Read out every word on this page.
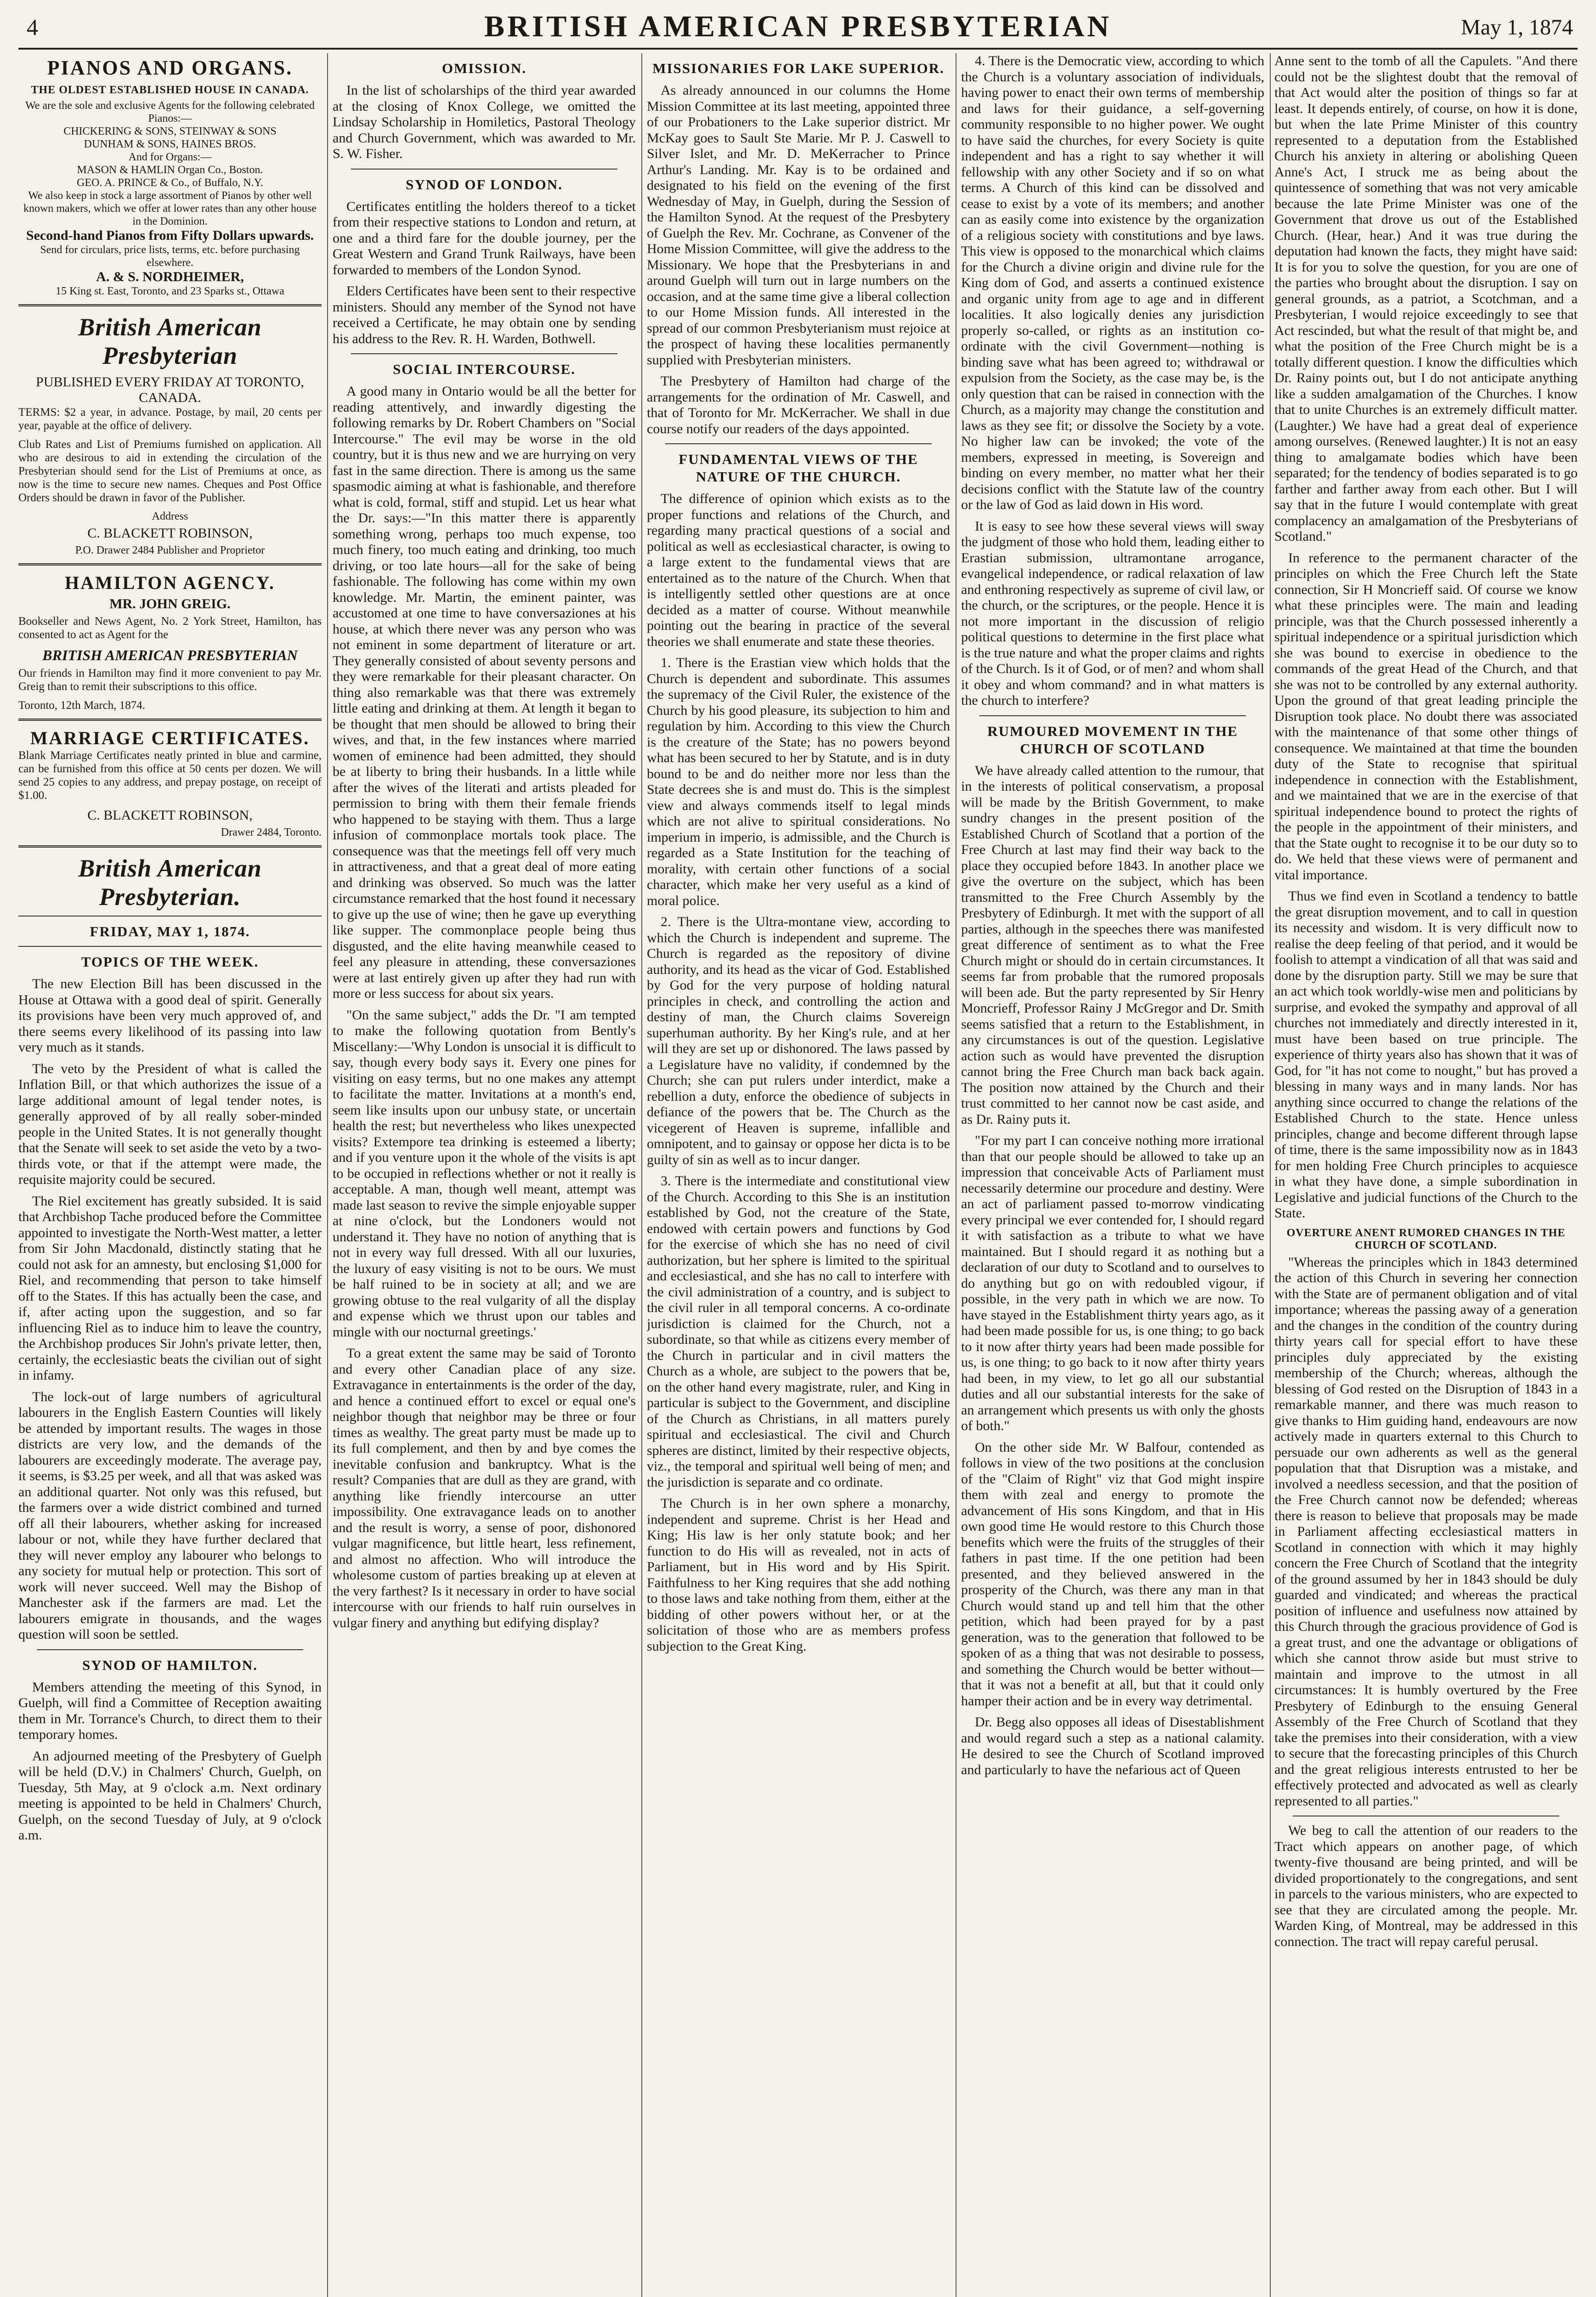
4	BRITISH AMERICAN PRESBYTERIAN	May 1, 1874
PIANOS AND ORGANS.
THE OLDEST ESTABLISHED HOUSE IN CANADA.
We are the sole and exclusive Agents for the following celebrated Pianos:—
CHICKERING & SONS, STEINWAY & SONS
DUNHAM & SONS, HAINES BROS.
And for Organs:—
MASON & HAMLIN Organ Co., Boston.
GEO. A. PRINCE & Co., of Buffalo, N.Y.
We also keep in stock a large assortment of Pianos by other well known makers, which we offer at lower rates than any other house in the Dominion.
Second-hand Pianos from Fifty Dollars upwards.
Send for circulars, price lists, terms, etc. before purchasing elsewhere.
A. & S. NORDHEIMER,
15 King st. East, Toronto, and 23 Sparks st., Ottawa
British American Presbyterian
PUBLISHED EVERY FRIDAY AT TORONTO, CANADA.

TERMS: $2 a year, in advance. Postage, by mail, 20 cents per year, payable at the office of delivery.

Club Rates and List of Premiums furnished on application. All who are desirous to aid in extending the circulation of the Presbyterian should send for the List of Premiums at once, as now is the time to secure new names. Cheques and Post Office Orders should be drawn in favor of the Publisher.

Address
C. BLACKETT ROBINSON,
P.O. Drawer 2484 Publisher and Proprietor
HAMILTON AGENCY.
MR. JOHN GREIG.

Bookseller and News Agent, No. 2 York Street, Hamilton, has consented to act as Agent for the

BRITISH AMERICAN PRESBYTERIAN

Our friends in Hamilton may find it more convenient to pay Mr. Greig than to remit their subscriptions to this office.

Toronto, 12th March, 1874.

MARRIAGE CERTIFICATES.

Blank Marriage Certificates neatly printed in blue and carmine, can be furnished from this office at 50 cents per dozen. We will send 25 copies to any address, and prepay postage, on receipt of $1.00.

C. BLACKETT ROBINSON,
Drawer 2484, Toronto.
British American Presbyterian.
FRIDAY, MAY 1, 1874.
TOPICS OF THE WEEK.

The new Election Bill has been discussed in the House at Ottawa with a good deal of spirit. Generally its provisions have been very much approved of, and there seems every likelihood of its passing into law very much as it stands.

The veto by the President of what is called the Inflation Bill, or that which authorizes the issue of a large additional amount of legal tender notes, is generally approved of by all really sober-minded people in the United States. It is not generally thought that the Senate will seek to set aside the veto by a two-thirds vote, or that if the attempt were made, the requisite majority could be secured.

The Riel excitement has greatly subsided. It is said that Archbishop Tache produced before the Committee appointed to investigate the North-West matter, a letter from Sir John Macdonald, distinctly stating that he could not ask for an amnesty, but enclosing $1,000 for Riel, and recommending that person to take himself off to the States. If this has actually been the case, and if, after acting upon the suggestion, and so far influencing Riel as to induce him to leave the country, the Archbishop produces Sir John's private letter, then, certainly, the ecclesiastic beats the civilian out of sight in infamy.

The lock-out of large numbers of agricultural labourers in the English Eastern Counties will likely be attended by important results. The wages in those districts are very low, and the demands of the labourers are exceedingly moderate. The average pay, it seems, is $3.25 per week, and all that was asked was an additional quarter. Not only was this refused, but the farmers over a wide district combined and turned off all their labourers, whether asking for increased labour or not, while they have further declared that they will never employ any labourer who belongs to any society for mutual help or protection. This sort of work will never succeed. Well may the Bishop of Manchester ask if the farmers are mad. Let the labourers emigrate in thousands, and the wages question will soon be settled.

SYNOD OF HAMILTON.

Members attending the meeting of this Synod, in Guelph, will find a Committee of Reception awaiting them in Mr. Torrance's Church, to direct them to their temporary homes.

An adjourned meeting of the Presbytery of Guelph will be held (D.V.) in Chalmers' Church, Guelph, on Tuesday, 5th May, at 9 o'clock a.m. Next ordinary meeting is appointed to be held in Chalmers' Church, Guelph, on the second Tuesday of July, at 9 o'clock a.m.

OMISSION.

In the list of scholarships of the third year awarded at the closing of Knox College, we omitted the Lindsay Scholarship in Homiletics, Pastoral Theology and Church Government, which was awarded to Mr. S. W. Fisher.

SYNOD OF LONDON.

Certificates entitling the holders thereof to a ticket from their respective stations to London and return, at one and a third fare for the double journey, per the Great Western and Grand Trunk Railways, have been forwarded to members of the London Synod.

Elders Certificates have been sent to their respective ministers. Should any member of the Synod not have received a Certificate, he may obtain one by sending his address to the Rev. R. H. Warden, Bothwell.

SOCIAL INTERCOURSE.

A good many in Ontario would be all the better for reading attentively, and inwardly digesting the following remarks by Dr. Robert Chambers on "Social Intercourse." The evil may be worse in the old country, but it is thus new and we are hurrying on very fast in the same direction. There is among us the same spasmodic aiming at what is fashionable, and therefore what is cold, formal, stiff and stupid. Let us hear what the Dr. says:—"In this matter there is apparently something wrong, perhaps too much expense, too much finery, too much eating and drinking, too much driving, or too late hours—all for the sake of being fashionable. The following has come within my own knowledge. Mr. Martin, the eminent painter, was accustomed at one time to have conversaziones at his house, at which there never was any person who was not eminent in some department of literature or art. They generally consisted of about seventy persons and they were remarkable for their pleasant character. On thing also remarkable was that there was extremely little eating and drinking at them. At length it began to be thought that men should be allowed to bring their wives, and that, in the few instances where married women of eminence had been admitted, they should be at liberty to bring their husbands. In a little while after the wives of the literati and artists pleaded for permission to bring with them their female friends who happened to be staying with them. Thus a large infusion of commonplace mortals took place. The consequence was that the meetings fell off very much in attractiveness, and that a great deal of more eating and drinking was observed. So much was the latter circumstance remarked that the host found it necessary to give up the use of wine; then he gave up everything like supper. The commonplace people being thus disgusted, and the elite having meanwhile ceased to feel any pleasure in attending, these conversaziones were at last entirely given up after they had run with more or less success for about six years.

"On the same subject," adds the Dr. "I am tempted to make the following quotation from Bently's Miscellany:—'Why London is unsocial it is difficult to say, though every body says it. Every one pines for visiting on easy terms, but no one makes any attempt to facilitate the matter. Invitations at a month's end, seem like insults upon our unbusy state, or uncertain health the rest; but nevertheless who likes unexpected visits? Extempore tea drinking is esteemed a liberty; and if you venture upon it the whole of the visits is apt to be occupied in reflections whether or not it really is acceptable. A man, though well meant, attempt was made last season to revive the simple enjoyable supper at nine o'clock, but the Londoners would not understand it. They have no notion of anything that is not in every way full dressed. With all our luxuries, the luxury of easy visiting is not to be ours. We must be half ruined to be in society at all; and we are growing obtuse to the real vulgarity of all the display and expense which we thrust upon our tables and mingle with our nocturnal greetings.'

To a great extent the same may be said of Toronto and every other Canadian place of any size. Extravagance in entertainments is the order of the day, and hence a continued effort to excel or equal one's neighbor though that neighbor may be three or four times as wealthy. The great party must be made up to its full complement, and then by and bye comes the inevitable confusion and bankruptcy. What is the result? Companies that are dull as they are grand, with anything like friendly intercourse an utter impossibility. One extravagance leads on to another and the result is worry, a sense of poor, dishonored vulgar magnificence, but little heart, less refinement, and almost no affection. Who will introduce the wholesome custom of parties breaking up at eleven at the very farthest? Is it necessary in order to have social intercourse with our friends to half ruin ourselves in vulgar finery and anything but edifying display?

MISSIONARIES FOR LAKE SUPERIOR.

As already announced in our columns the Home Mission Committee at its last meeting, appointed three of our Probationers to the Lake superior district. Mr McKay goes to Sault Ste Marie. Mr P. J. Caswell to Silver Islet, and Mr. D. MeKerracher to Prince Arthur's Landing. Mr. Kay is to be ordained and designated to his field on the evening of the first Wednesday of May, in Guelph, during the Session of the Hamilton Synod. At the request of the Presbytery of Guelph the Rev. Mr. Cochrane, as Convener of the Home Mission Committee, will give the address to the Missionary. We hope that the Presbyterians in and around Guelph will turn out in large numbers on the occasion, and at the same time give a liberal collection to our Home Mission funds. All interested in the spread of our common Presbyterianism must rejoice at the prospect of having these localities permanently supplied with Presbyterian ministers.

The Presbytery of Hamilton had charge of the arrangements for the ordination of Mr. Caswell, and that of Toronto for Mr. McKerracher. We shall in due course notify our readers of the days appointed.

FUNDAMENTAL VIEWS OF THE NATURE OF THE CHURCH.

The difference of opinion which exists as to the proper functions and relations of the Church, and regarding many practical questions of a social and political as well as ecclesiastical character, is owing to a large extent to the fundamental views that are entertained as to the nature of the Church. When that is intelligently settled other questions are at once decided as a matter of course. Without meanwhile pointing out the bearing in practice of the several theories we shall enumerate and state these theories.

1. There is the Erastian view which holds that the Church is dependent and subordinate. This assumes the supremacy of the Civil Ruler, the existence of the Church by his good pleasure, its subjection to him and regulation by him. According to this view the Church is the creature of the State; has no powers beyond what has been secured to her by Statute, and is in duty bound to be and do neither more nor less than the State decrees she is and must do. This is the simplest view and always commends itself to legal minds which are not alive to spiritual considerations. No imperium in imperio, is admissible, and the Church is regarded as a State Institution for the teaching of morality, with certain other functions of a social character, which make her very useful as a kind of moral police.

2. There is the Ultra-montane view, according to which the Church is independent and supreme. The Church is regarded as the repository of divine authority, and its head as the vicar of God. Established by God for the very purpose of holding natural principles in check, and controlling the action and destiny of man, the Church claims Sovereign superhuman authority. By her King's rule, and at her will they are set up or dishonored. The laws passed by a Legislature have no validity, if condemned by the Church; she can put rulers under interdict, make a rebellion a duty, enforce the obedience of subjects in defiance of the powers that be. The Church as the vicegerent of Heaven is supreme, infallible and omnipotent, and to gainsay or oppose her dicta is to be guilty of sin as well as to incur danger.

3. There is the intermediate and constitutional view of the Church. According to this She is an institution established by God, not the creature of the State, endowed with certain powers and functions by God for the exercise of which she has no need of civil authorization, but her sphere is limited to the spiritual and ecclesiastical, and she has no call to interfere with the civil administration of a country, and is subject to the civil ruler in all temporal concerns. A co-ordinate jurisdiction is claimed for the Church, not a subordinate, so that while as citizens every member of the Church in particular and in civil matters the Church as a whole, are subject to the powers that be, on the other hand every magistrate, ruler, and King in particular is subject to the Government, and discipline of the Church as Christians, in all matters purely spiritual and ecclesiastical. The civil and Church spheres are distinct, limited by their respective objects, viz., the temporal and spiritual well being of men; and the jurisdiction is separate and co ordinate.

The Church is in her own sphere a monarchy, independent and supreme. Christ is her Head and King; His law is her only statute book; and her function to do His will as revealed, not in acts of Parliament, but in His word and by His Spirit. Faithfulness to her King requires that she add nothing to those laws and take nothing from them, either at the bidding of other powers without her, or at the solicitation of those who are as members profess subjection to the Great King.

4. There is the Democratic view, according to which the Church is a voluntary association of individuals, having power to enact their own terms of membership and laws for their guidance, a self-governing community responsible to no higher power. We ought to have said the churches, for every Society is quite independent and has a right to say whether it will fellowship with any other Society and if so on what terms. A Church of this kind can be dissolved and cease to exist by a vote of its members; and another can as easily come into existence by the organization of a religious society with constitutions and bye laws. This view is opposed to the monarchical which claims for the Church a divine origin and divine rule for the King dom of God, and asserts a continued existence and organic unity from age to age and in different localities. It also logically denies any jurisdiction properly so-called, or rights as an institution co-ordinate with the civil Government—nothing is binding save what has been agreed to; withdrawal or expulsion from the Society, as the case may be, is the only question that can be raised in connection with the Church, as a majority may change the constitution and laws as they see fit; or dissolve the Society by a vote. No higher law can be invoked; the vote of the members, expressed in meeting, is Sovereign and binding on every member, no matter what her their decisions conflict with the Statute law of the country or the law of God as laid down in His word.

It is easy to see how these several views will sway the judgment of those who hold them, leading either to Erastian submission, ultramontane arrogance, evangelical independence, or radical relaxation of law and enthroning respectively as supreme of civil law, or the church, or the scriptures, or the people. Hence it is not more important in the discussion of religio political questions to determine in the first place what is the true nature and what the proper claims and rights of the Church. Is it of God, or of men? and whom shall it obey and whom command? and in what matters is the church to interfere?

RUMOURED MOVEMENT IN THE CHURCH OF SCOTLAND

We have already called attention to the rumour, that in the interests of political conservatism, a proposal will be made by the British Government, to make sundry changes in the present position of the Established Church of Scotland that a portion of the Free Church at last may find their way back to the place they occupied before 1843. In another place we give the overture on the subject, which has been transmitted to the Free Church Assembly by the Presbytery of Edinburgh. It met with the support of all parties, although in the speeches there was manifested great difference of sentiment as to what the Free Church might or should do in certain circumstances. It seems far from probable that the rumored proposals will been ade. But the party represented by Sir Henry Moncrieff, Professor Rainy J McGregor and Dr. Smith seems satisfied that a return to the Establishment, in any circumstances is out of the question. Legislative action such as would have prevented the disruption cannot bring the Free Church man back back again. The position now attained by the Church and their trust committed to her cannot now be cast aside, and as Dr. Rainy puts it.

"For my part I can conceive nothing more irrational than that our people should be allowed to take up an impression that conceivable Acts of Parliament must necessarily determine our procedure and destiny. Were an act of parliament passed to-morrow vindicating every principal we ever contended for, I should regard it with satisfaction as a tribute to what we have maintained. But I should regard it as nothing but a declaration of our duty to Scotland and to ourselves to do anything but go on with redoubled vigour, if possible, in the very path in which we are now. To have stayed in the Establishment thirty years ago, as it had been made possible for us, is one thing; to go back to it now after thirty years had been made possible for us, is one thing; to go back to it now after thirty years had been, in my view, to let go all our substantial duties and all our substantial interests for the sake of an arrangement which presents us with only the ghosts of both."

On the other side Mr. W Balfour, contended as follows in view of the two positions at the conclusion of the "Claim of Right" viz that God might inspire them with zeal and energy to promote the advancement of His sons Kingdom, and that in His own good time He would restore to this Church those benefits which were the fruits of the struggles of their fathers in past time. If the one petition had been presented, and they believed answered in the prosperity of the Church, was there any man in that Church would stand up and tell him that the other petition, which had been prayed for by a past generation, was to the generation that followed to be spoken of as a thing that was not desirable to possess, and something the Church would be better without—that it was not a benefit at all, but that it could only hamper their action and be in every way detrimental.

Dr. Begg also opposes all ideas of Disestablishment and would regard such a step as a national calamity. He desired to see the Church of Scotland improved and particularly to have the nefarious act of Queen

Anne sent to the tomb of all the Capulets. "And there could not be the slightest doubt that the removal of that Act would alter the position of things so far at least. It depends entirely, of course, on how it is done, but when the late Prime Minister of this country represented to a deputation from the Established Church his anxiety in altering or abolishing Queen Anne's Act, I struck me as being about the quintessence of something that was not very amicable because the late Prime Minister was one of the Government that drove us out of the Established Church. (Hear, hear.) And it was true during the deputation had known the facts, they might have said: It is for you to solve the question, for you are one of the parties who brought about the disruption. I say on general grounds, as a patriot, a Scotchman, and a Presbyterian, I would rejoice exceedingly to see that Act rescinded, but what the result of that might be, and what the position of the Free Church might be is a totally different question. I know the difficulties which Dr. Rainy points out, but I do not anticipate anything like a sudden amalgamation of the Churches. I know that to unite Churches is an extremely difficult matter. (Laughter.) We have had a great deal of experience among ourselves. (Renewed laughter.) It is not an easy thing to amalgamate bodies which have been separated; for the tendency of bodies separated is to go farther and farther away from each other. But I will say that in the future I would contemplate with great complacency an amalgamation of the Presbyterians of Scotland."

In reference to the permanent character of the principles on which the Free Church left the State connection, Sir H Moncrieff said. Of course we know what these principles were. The main and leading principle, was that the Church possessed inherently a spiritual independence or a spiritual jurisdiction which she was bound to exercise in obedience to the commands of the great Head of the Church, and that she was not to be controlled by any external authority. Upon the ground of that great leading principle the Disruption took place. No doubt there was associated with the maintenance of that some other things of consequence. We maintained at that time the bounden duty of the State to recognise that spiritual independence in connection with the Establishment, and we maintained that we are in the exercise of that spiritual independence bound to protect the rights of the people in the appointment of their ministers, and that the State ought to recognise it to be our duty so to do. We held that these views were of permanent and vital importance.

Thus we find even in Scotland a tendency to battle the great disruption movement, and to call in question its necessity and wisdom. It is very difficult now to realise the deep feeling of that period, and it would be foolish to attempt a vindication of all that was said and done by the disruption party. Still we may be sure that an act which took worldly-wise men and politicians by surprise, and evoked the sympathy and approval of all churches not immediately and directly interested in it, must have been based on true principle. The experience of thirty years also has shown that it was of God, for "it has not come to nought," but has proved a blessing in many ways and in many lands. Nor has anything since occurred to change the relations of the Established Church to the state. Hence unless principles, change and become different through lapse of time, there is the same impossibility now as in 1843 for men holding Free Church principles to acquiesce in what they have done, a simple subordination in Legislative and judicial functions of the Church to the State.

OVERTURE ANENT RUMORED CHANGES IN THE CHURCH OF SCOTLAND.

"Whereas the principles which in 1843 determined the action of this Church in severing her connection with the State are of permanent obligation and of vital importance; whereas the passing away of a generation and the changes in the condition of the country during thirty years call for special effort to have these principles duly appreciated by the existing membership of the Church; whereas, although the blessing of God rested on the Disruption of 1843 in a remarkable manner, and there was much reason to give thanks to Him guiding hand, endeavours are now actively made in quarters external to this Church to persuade our own adherents as well as the general population that that Disruption was a mistake, and involved a needless secession, and that the position of the Free Church cannot now be defended; whereas there is reason to believe that proposals may be made in Parliament affecting ecclesiastical matters in Scotland in connection with which it may highly concern the Free Church of Scotland that the integrity of the ground assumed by her in 1843 should be duly guarded and vindicated; and whereas the practical position of influence and usefulness now attained by this Church through the gracious providence of God is a great trust, and one the advantage or obligations of which she cannot throw aside but must strive to maintain and improve to the utmost in all circumstances: It is humbly overtured by the Free Presbytery of Edinburgh to the ensuing General Assembly of the Free Church of Scotland that they take the premises into their consideration, with a view to secure that the forecasting principles of this Church and the great religious interests entrusted to her be effectively protected and advocated as well as clearly represented to all parties."

We beg to call the attention of our readers to the Tract which appears on another page, of which twenty-five thousand are being printed, and will be divided proportionately to the congregations, and sent in parcels to the various ministers, who are expected to see that they are circulated among the people. Mr. Warden King, of Montreal, may be addressed in this connection. The tract will repay careful perusal.
